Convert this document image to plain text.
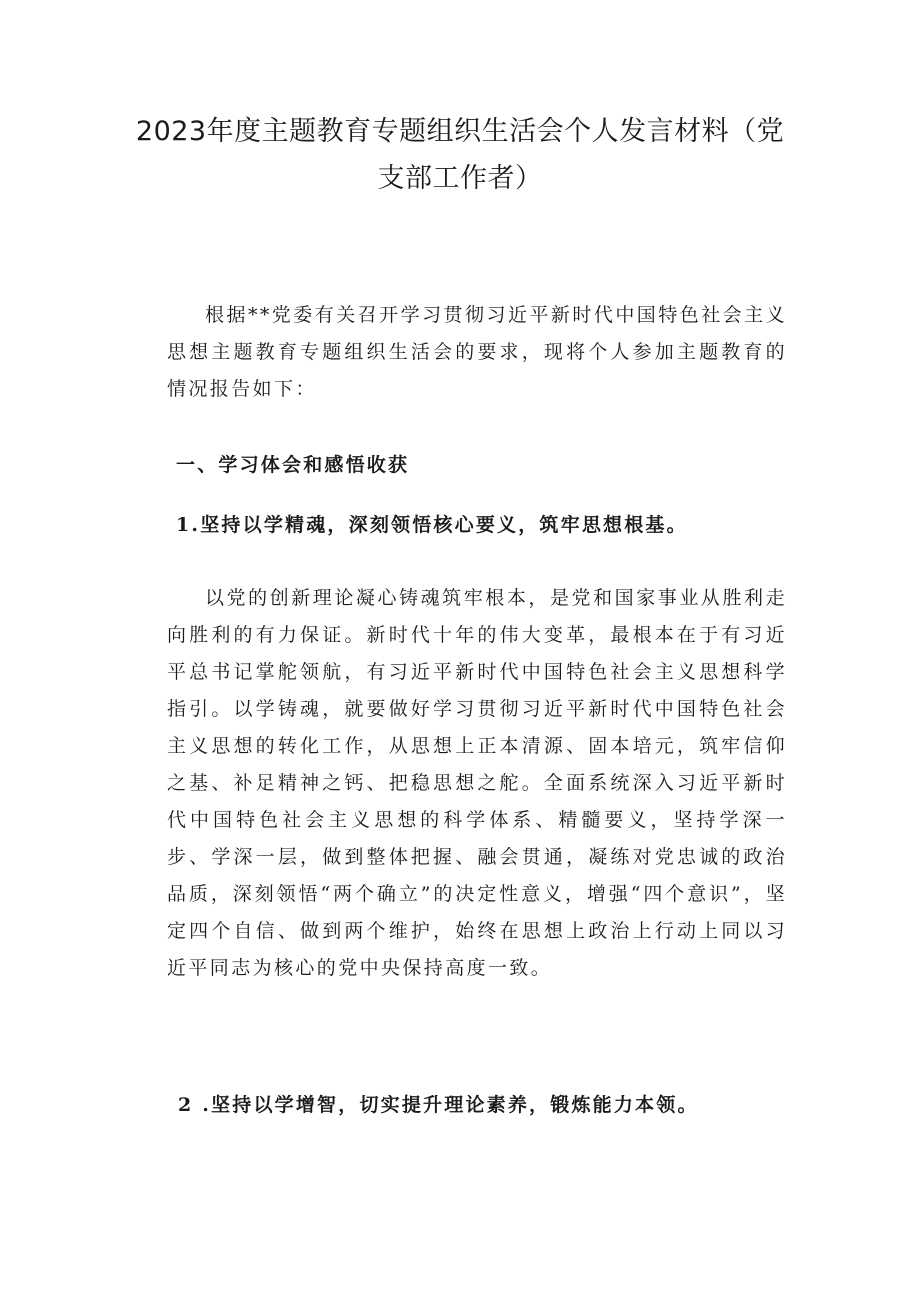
2023年度主题教育专题组织生活会个人发言材料（党支部工作者）
根据**党委有关召开学习贯彻习近平新时代中国特色社会主义思想主题教育专题组织生活会的要求，现将个人参加主题教育的情况报告如下：
一、学习体会和感悟收获
1.坚持以学精魂，深刻领悟核心要义，筑牢思想根基。
以党的创新理论凝心铸魂筑牢根本，是党和国家事业从胜利走向胜利的有力保证。新时代十年的伟大变革，最根本在于有习近平总书记掌舵领航，有习近平新时代中国特色社会主义思想科学指引。以学铸魂，就要做好学习贯彻习近平新时代中国特色社会主义思想的转化工作，从思想上正本清源、固本培元，筑牢信仰之基、补足精神之钙、把稳思想之舵。全面系统深入习近平新时代中国特色社会主义思想的科学体系、精髓要义，坚持学深一步、学深一层，做到整体把握、融会贯通，凝练对党忠诚的政治品质，深刻领悟“两个确立”的决定性意义，增强“四个意识”，坚定四个自信、做到两个维护，始终在思想上政治上行动上同以习近平同志为核心的党中央保持高度一致。
2 .坚持以学增智，切实提升理论素养，锻炼能力本领。
